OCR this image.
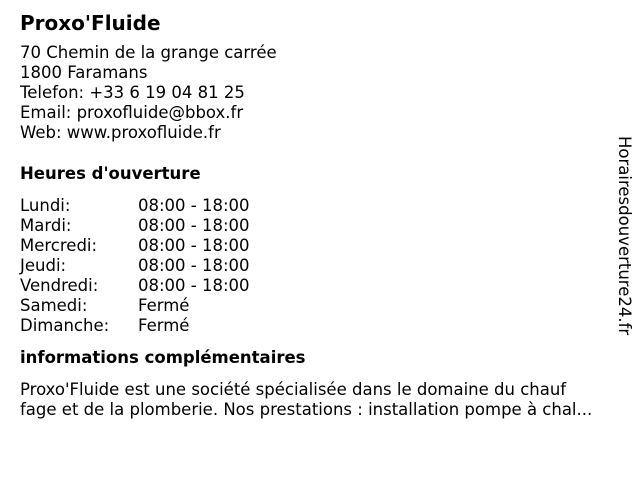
Proxo'Fluide
70 Chemin de la grange carrée
1800 Faramans
Telefon: +33 6 19 04 81 25
Email: proxofluide@bbox.fr
Web: www.proxofluide.fr
Heures d'ouverture
Lundi:	08:00 - 18:00
Mardi:	08:00 - 18:00
Mercredi:	08:00 - 18:00
Jeudi:	08:00 - 18:00
Vendredi:	08:00 - 18:00
Samedi:	Fermé
Dimanche:	Fermé
informations complémentaires
Proxo'Fluide est une société spécialisée dans le domaine du chauf
fage et de la plomberie. Nos prestations : installation pompe à chal...
Horairesdouverture24.fr
